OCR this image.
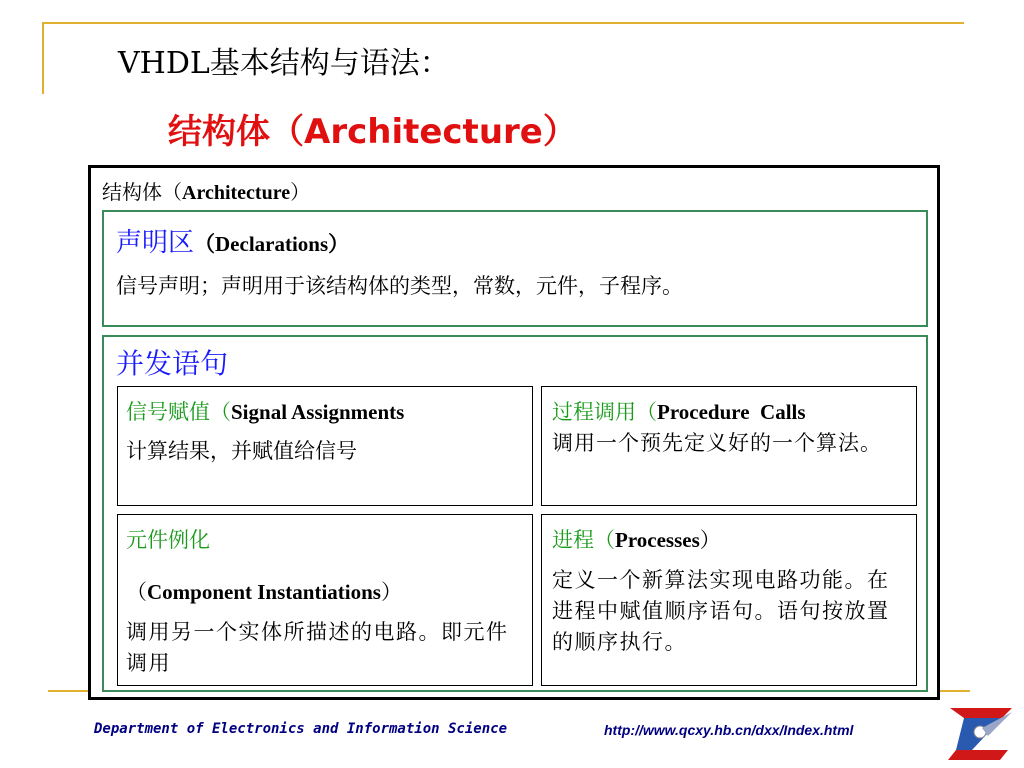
VHDL基本结构与语法：
结构体（Architecture）
结构体（Architecture）
声明区（Declarations）
信号声明；声明用于该结构体的类型，常数，元件，子程序。
并发语句
信号赋值（Signal Assignments
计算结果，并赋值给信号
过程调用（Procedure  Calls
调用一个预先定义好的一个算法。
元件例化
（Component Instantiations）
调用另一个实体所描述的电路。即元件调用
进程（Processes）
定义一个新算法实现电路功能。在进程中赋值顺序语句。语句按放置的顺序执行。
Department of Electronics and Information Science	http://www.qcxy.hb.cn/dxx/Index.html
